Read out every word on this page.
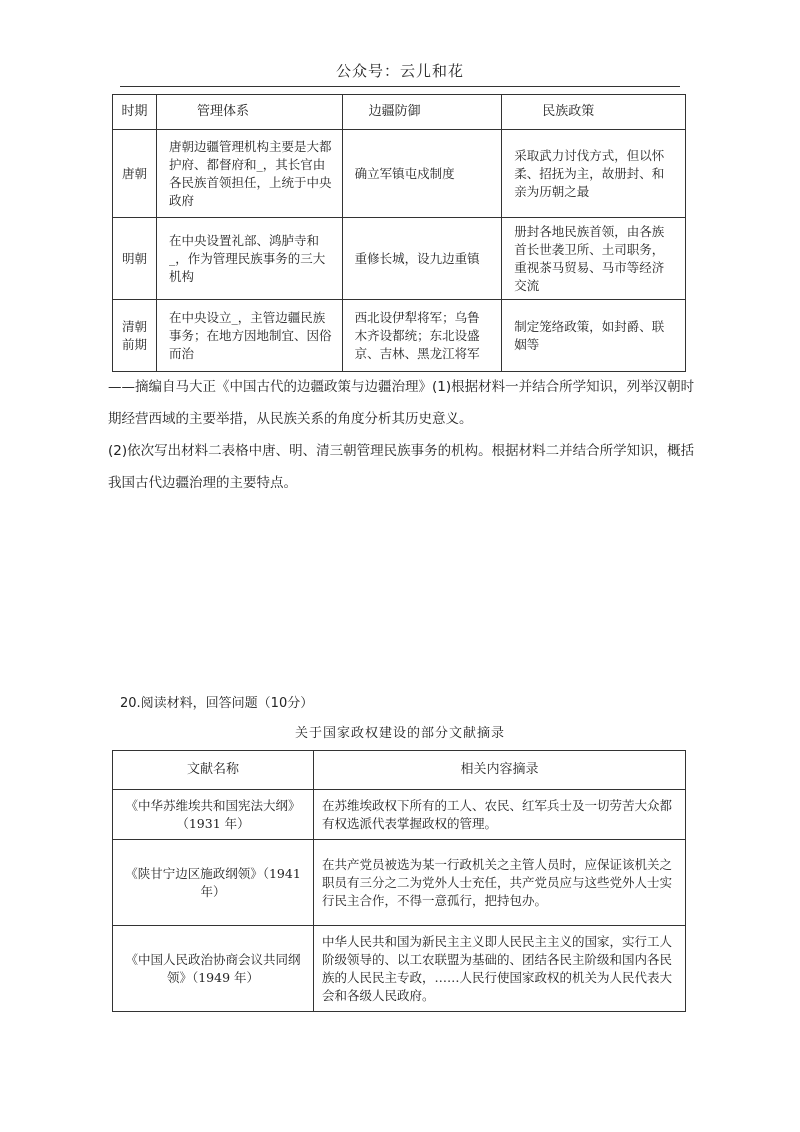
公众号：云儿和花
时期	管理体系	边疆防御	民族政策
唐朝	唐朝边疆管理机构主要是大都护府、都督府和_，其长官由各民族首领担任，上统于中央政府	确立军镇屯戍制度	采取武力讨伐方式，但以怀柔、招抚为主，故册封、和亲为历朝之最
明朝	在中央设置礼部、鸿胪寺和_，作为管理民族事务的三大机构	重修长城，设九边重镇	册封各地民族首领，由各族首长世袭卫所、土司职务，重视茶马贸易、马市等经济交流
清朝前期	在中央设立_，主管边疆民族事务；在地方因地制宜、因俗而治	西北设伊犁将军；乌鲁木齐设都统；东北设盛京、吉林、黑龙江将军	制定笼络政策，如封爵、联姻等

——摘编自马大正《中国古代的边疆政策与边疆治理》(1)根据材料一并结合所学知识，列举汉朝时期经营西域的主要举措，从民族关系的角度分析其历史意义。

(2)依次写出材料二表格中唐、明、清三朝管理民族事务的机构。根据材料二并结合所学知识，概括我国古代边疆治理的主要特点。

20.阅读材料，回答问题（10分）
关于国家政权建设的部分文献摘录
文献名称	相关内容摘录
《中华苏维埃共和国宪法大纲》（1931 年）	在苏维埃政权下所有的工人、农民、红军兵士及一切劳苦大众都有权选派代表掌握政权的管理。
《陕甘宁边区施政纲领》（1941 年）	在共产党员被选为某一行政机关之主管人员时，应保证该机关之职员有三分之二为党外人士充任，共产党员应与这些党外人士实行民主合作，不得一意孤行，把持包办。
《中国人民政治协商会议共同纲领》（1949 年）	中华人民共和国为新民主主义即人民民主主义的国家，实行工人阶级领导的、以工农联盟为基础的、团结各民主阶级和国内各民族的人民民主专政，……人民行使国家政权的机关为人民代表大会和各级人民政府。
